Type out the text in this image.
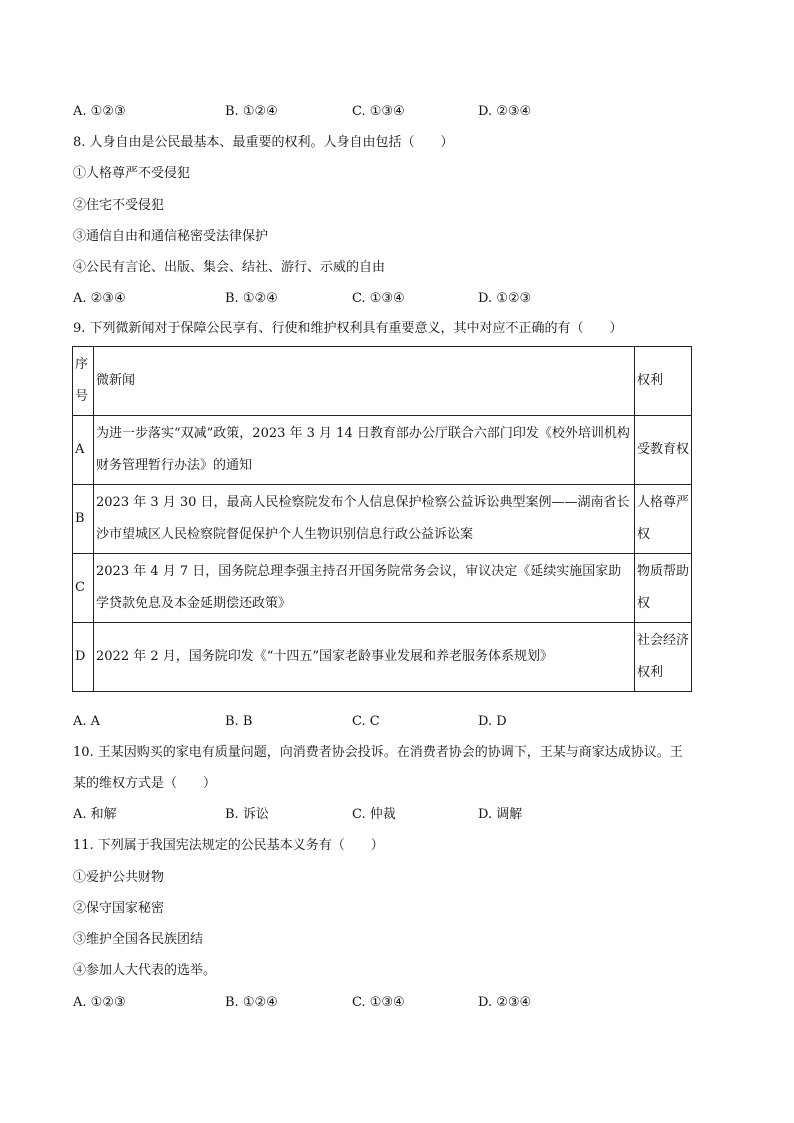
A. ①②③	B. ①②④	C. ①③④	D. ②③④
8. 人身自由是公民最基本、最重要的权利。人身自由包括（　　）
①人格尊严不受侵犯
②住宅不受侵犯
③通信自由和通信秘密受法律保护
④公民有言论、出版、集会、结社、游行、示威的自由
A. ②③④	B. ①②④	C. ①③④	D. ①②③
9. 下列微新闻对于保障公民享有、行使和维护权利具有重要意义，其中对应不正确的有（　　）
序号	微新闻	权利
A	为进一步落实“双减”政策，2023 年 3 月 14 日教育部办公厅联合六部门印发《校外培训机构财务管理暂行办法》的通知	受教育权
B	2023 年 3 月 30 日，最高人民检察院发布个人信息保护检察公益诉讼典型案例——湖南省长沙市望城区人民检察院督促保护个人生物识别信息行政公益诉讼案	人格尊严权
C	2023 年 4 月 7 日，国务院总理李强主持召开国务院常务会议，审议决定《延续实施国家助学贷款免息及本金延期偿还政策》	物质帮助权
D	2022 年 2 月，国务院印发《“十四五”国家老龄事业发展和养老服务体系规划》	社会经济权利
A. A	B. B	C. C	D. D
10. 王某因购买的家电有质量问题，向消费者协会投诉。在消费者协会的协调下，王某与商家达成协议。王
某的维权方式是（　　）
A. 和解	B. 诉讼	C. 仲裁	D. 调解
11. 下列属于我国宪法规定的公民基本义务有（　　）
①爱护公共财物
②保守国家秘密
③维护全国各民族团结
④参加人大代表的选举。
A. ①②③	B. ①②④	C. ①③④	D. ②③④
